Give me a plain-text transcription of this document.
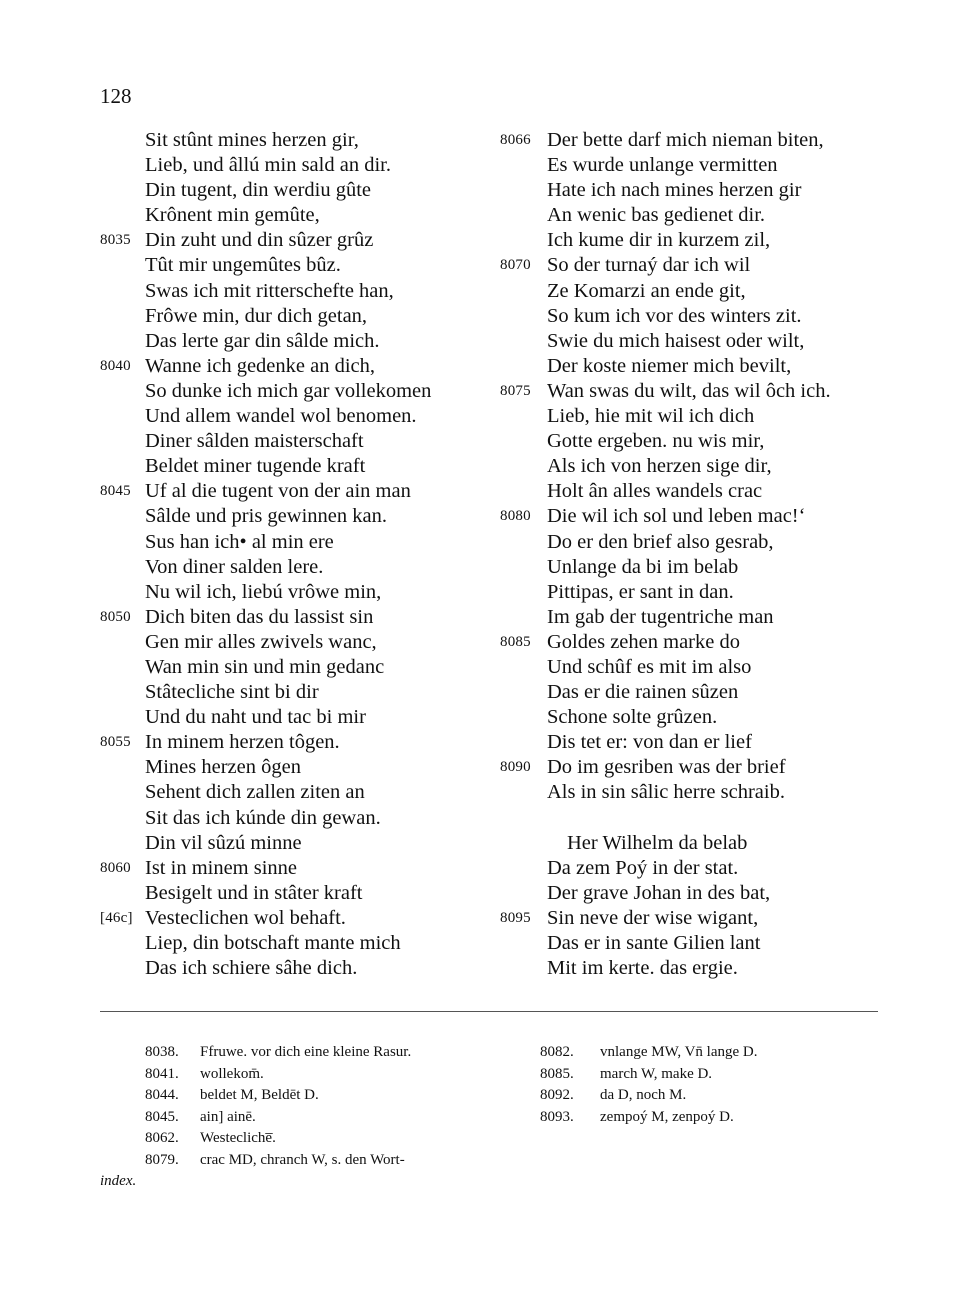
128
Sit stûnt mines herzen gir,
Lieb, und âllú min sald an dir.
Din tugent, din werdiu gûte
Krônent min gemûte,
8035 Din zuht und din sûzer grûz
Tût mir ungemûtes bûz.
Swas ich mit ritterschefte han,
Frôwe min, dur dich getan,
Das lerte gar din sâlde mich.
8040 Wanne ich gedenke an dich,
So dunke ich mich gar vollekomen
Und allem wandel wol benomen.
Diner sâlden maisterschaft
Beldet miner tugende kraft
8045 Uf al die tugent von der ain man
Sâlde und pris gewinnen kan.
Sus han ich• al min ere
Von diner salden lere.
Nu wil ich, liebú vrôwe min,
8050 Dich biten das du lassist sin
Gen mir alles zwivels wanc,
Wan min sin und min gedanc
Stâtecliche sint bi dir
Und du naht und tac bi mir
8055 In minem herzen tôgen.
Mines herzen ôgen
Sehent dich zallen ziten an
Sit das ich kúnde din gewan.
Din vil sûzú minne
8060 Ist in minem sinne
Besigelt und in stâter kraft
[46c] Vesteclichen wol behaft.
Liep, din botschaft mante mich
Das ich schiere sâhe dich.
8066 Der bette darf mich nieman biten,
Es wurde unlange vermitten
Hate ich nach mines herzen gir
An wenic bas gedienet dir.
Ich kume dir in kurzem zil,
8070 So der turnaý dar ich wil
Ze Komarzi an ende git,
So kum ich vor des winters zit.
Swie du mich haisest oder wilt,
Der koste niemer mich bevilt,
8075 Wan swas du wilt, das wil ôch ich.
Lieb, hie mit wil ich dich
Gotte ergeben. nu wis mir,
Als ich von herzen sige dir,
Holt ân alles wandels crac
8080 Die wil ich sol und leben mac!‘
Do er den brief also gesrab,
Unlange da bi im belab
Pittipas, er sant in dan.
Im gab der tugentriche man
8085 Goldes zehen marke do
Und schûf es mit im also
Das er die rainen sûzen
Schone solte grûzen.
Dis tet er: von dan er lief
8090 Do im gesriben was der brief
Als in sin sâlic herre schraib.
Her Wilhelm da belab
Da zem Poý in der stat.
Der grave Johan in des bat,
8095 Sin neve der wise wigant,
Das er in sante Gilien lant
Mit im kerte. das ergie.
8038.	Ffruwe. vor dich eine kleine Rasur.
8041.	wollekom̄.
8044.	beldet M, Beldēt D.
8045.	ain] ainē.
8062.	Westecliche̅.
8079.	crac MD, chranch W, s. den Wort-
index.
8082.	vnlange MW, Vn̄ lange D.
8085.	march W, make D.
8092.	da D, noch M.
8093.	zempoý M, zenpoý D.
